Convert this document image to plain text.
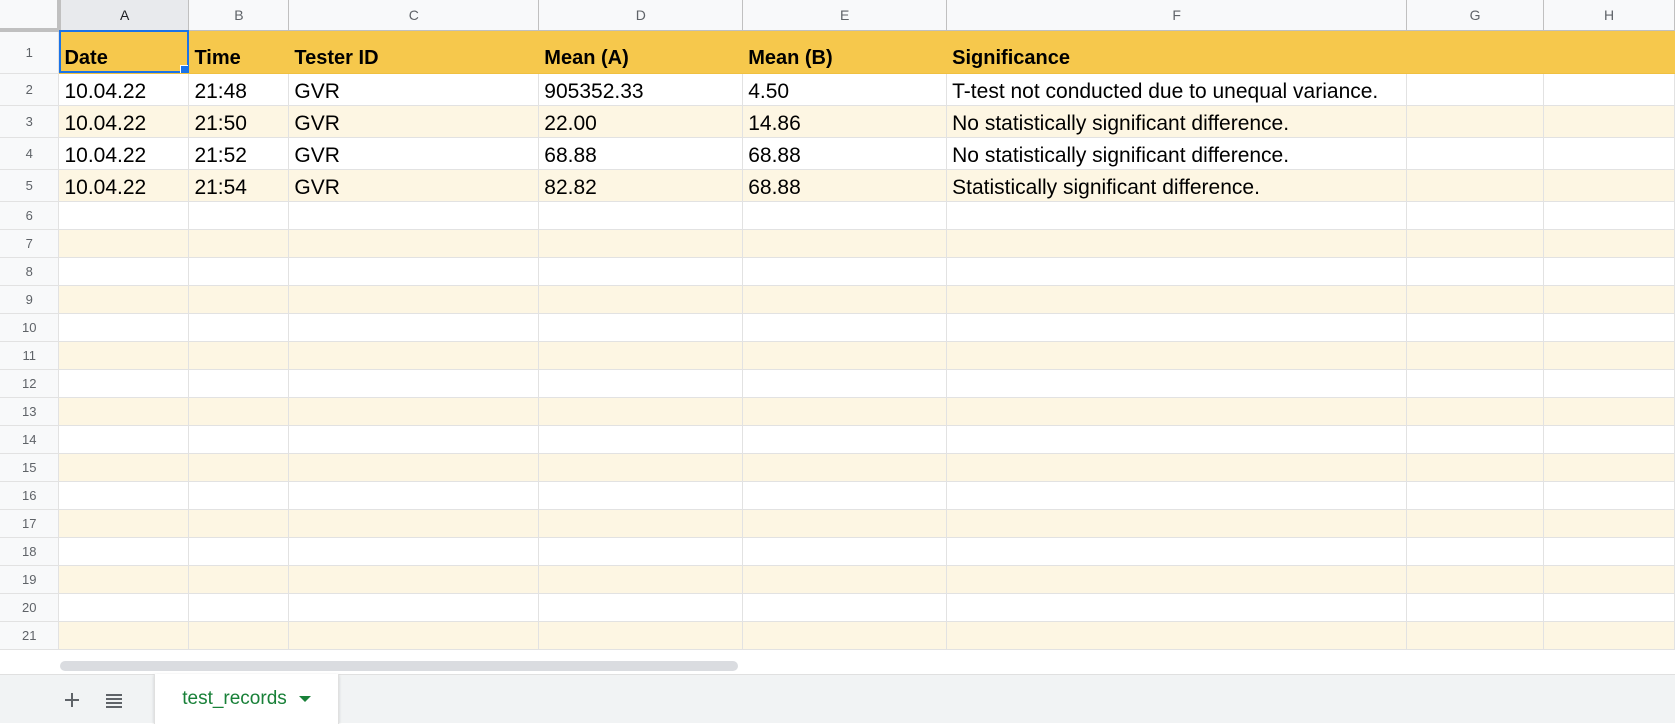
	A	B	C	D	E	F	G	H
1	Date	Time	Tester ID	Mean (A)	Mean (B)	Significance		
2	10.04.22	21:48	GVR	905352.33	4.50	T-test not conducted due to unequal variance.		
3	10.04.22	21:50	GVR	22.00	14.86	No statistically significant difference.		
4	10.04.22	21:52	GVR	68.88	68.88	No statistically significant difference.		
5	10.04.22	21:54	GVR	82.82	68.88	Statistically significant difference.		
6								
7								
8								
9								
10								
11								
12								
13								
14								
15								
16								
17								
18								
19								
20								
21								
test_records
